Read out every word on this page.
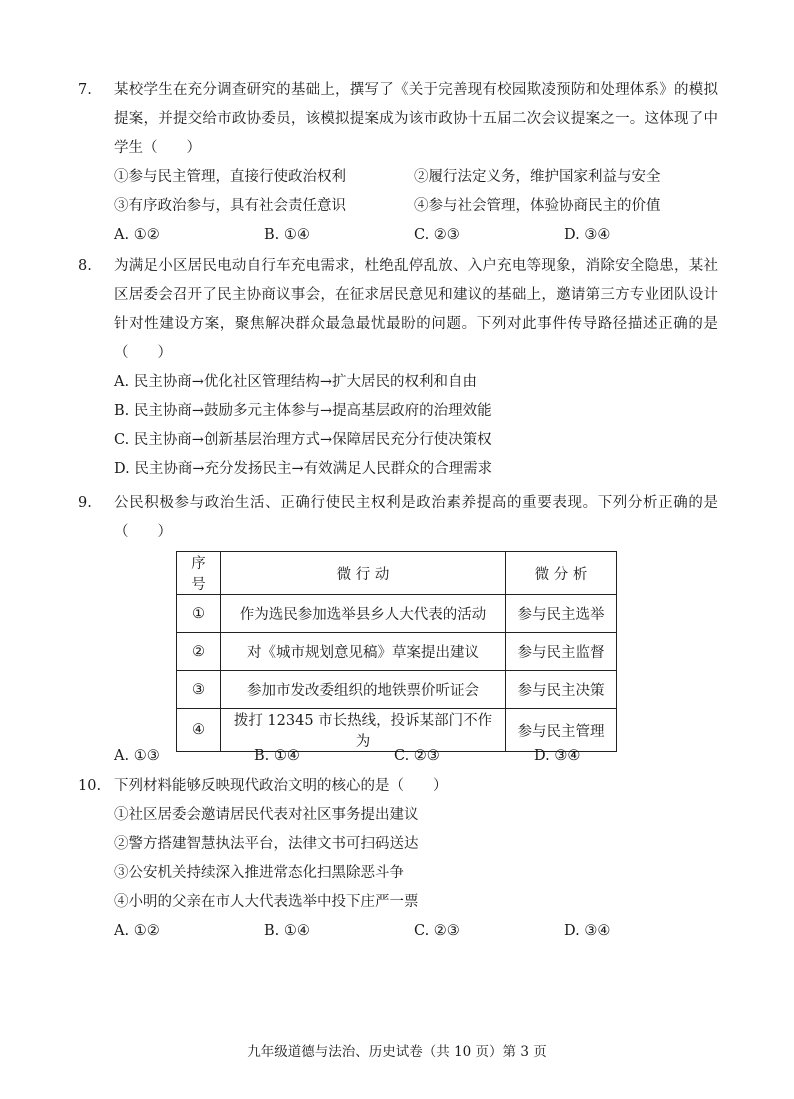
7. 某校学生在充分调查研究的基础上，撰写了《关于完善现有校园欺凌预防和处理体系》的模拟提案，并提交给市政协委员，该模拟提案成为该市政协十五届二次会议提案之一。这体现了中学生（　　）

①参与民主管理，直接行使政治权利	②履行法定义务，维护国家利益与安全
③有序政治参与，具有社会责任意识	④参与社会管理，体验协商民主的价值
A. ①②	B. ①④	C. ②③	D. ③④
8. 为满足小区居民电动自行车充电需求，杜绝乱停乱放、入户充电等现象，消除安全隐患，某社区居委会召开了民主协商议事会，在征求居民意见和建议的基础上，邀请第三方专业团队设计针对性建设方案，聚焦解决群众最急最忧最盼的问题。下列对此事件传导路径描述正确的是（　　）

A. 民主协商→优化社区管理结构→扩大居民的权利和自由

B. 民主协商→鼓励多元主体参与→提高基层政府的治理效能

C. 民主协商→创新基层治理方式→保障居民充分行使决策权

D. 民主协商→充分发扬民主→有效满足人民群众的合理需求

9. 公民积极参与政治生活、正确行使民主权利是政治素养提高的重要表现。下列分析正确的是（　　）

序号	微 行 动	微 分 析
①	作为选民参加选举县乡人大代表的活动	参与民主选举
②	对《城市规划意见稿》草案提出建议	参与民主监督
③	参加市发改委组织的地铁票价听证会	参与民主决策
④	拨打 12345 市长热线，投诉某部门不作为	参与民主管理
A. ①③	B. ①④	C. ②③	D. ③④
10. 下列材料能够反映现代政治文明的核心的是（　　）

①社区居委会邀请居民代表对社区事务提出建议

②警方搭建智慧执法平台，法律文书可扫码送达

③公安机关持续深入推进常态化扫黑除恶斗争

④小明的父亲在市人大代表选举中投下庄严一票

A. ①②	B. ①④	C. ②③	D. ③④
九年级道德与法治、历史试卷（共 10 页）第 3 页
